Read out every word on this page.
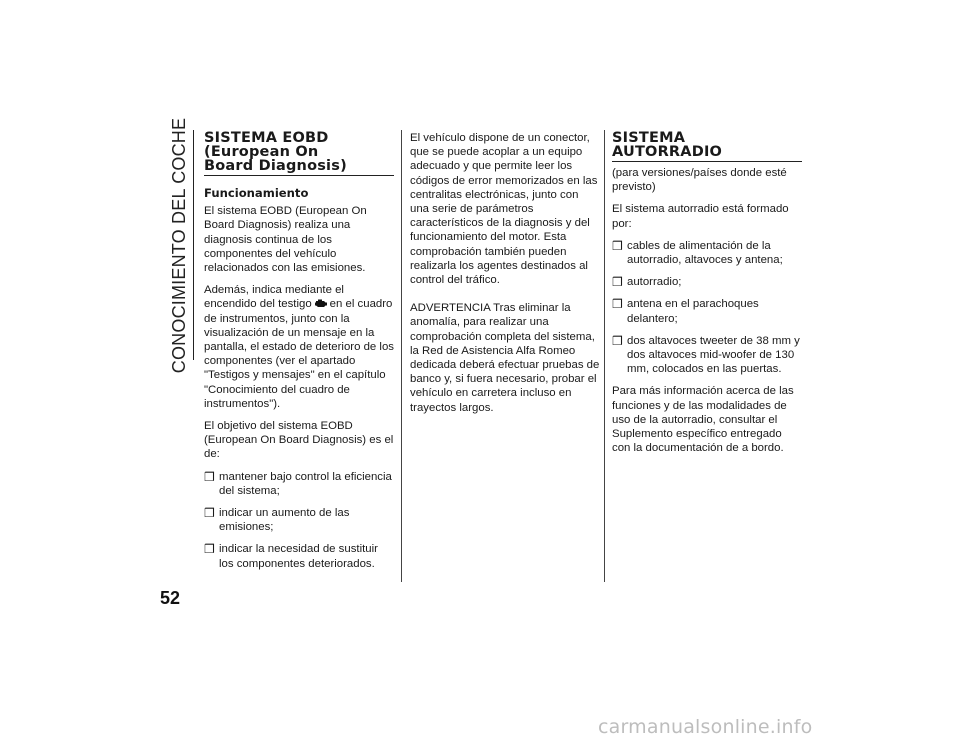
CONOCIMIENTO DEL COCHE
52
SISTEMA EOBD
(European On
Board Diagnosis)
Funcionamiento

El sistema EOBD (European On Board Diagnosis) realiza una diagnosis continua de los componentes del vehículo relacionados con las emisiones.

Además, indica mediante el encendido del testigo en el cuadro de instrumentos, junto con la visualización de un mensaje en la pantalla, el estado de deterioro de los componentes (ver el apartado "Testigos y mensajes" en el capítulo "Conocimiento del cuadro de instrumentos").

El objetivo del sistema EOBD (European On Board Diagnosis) es el de:

❒ mantener bajo control la eficiencia del sistema;
❒ indicar un aumento de las emisiones;
❒ indicar la necesidad de sustituir los componentes deteriorados.

El vehículo dispone de un conector, que se puede acoplar a un equipo adecuado y que permite leer los códigos de error memorizados en las centralitas electrónicas, junto con una serie de parámetros característicos de la diagnosis y del funcionamiento del motor. Esta comprobación también pueden realizarla los agentes destinados al control del tráfico.

ADVERTENCIA Tras eliminar la anomalía, para realizar una comprobación completa del sistema, la Red de Asistencia Alfa Romeo dedicada deberá efectuar pruebas de banco y, si fuera necesario, probar el vehículo en carretera incluso en trayectos largos.

SISTEMA
AUTORRADIO

(para versiones/países donde esté previsto)

El sistema autorradio está formado por:

❒ cables de alimentación de la autorradio, altavoces y antena;
❒ autorradio;
❒ antena en el parachoques delantero;
❒ dos altavoces tweeter de 38 mm y dos altavoces mid-woofer de 130 mm, colocados en las puertas.

Para más información acerca de las funciones y de las modalidades de uso de la autorradio, consultar el Suplemento específico entregado con la documentación de a bordo.

carmanualsonline.info
